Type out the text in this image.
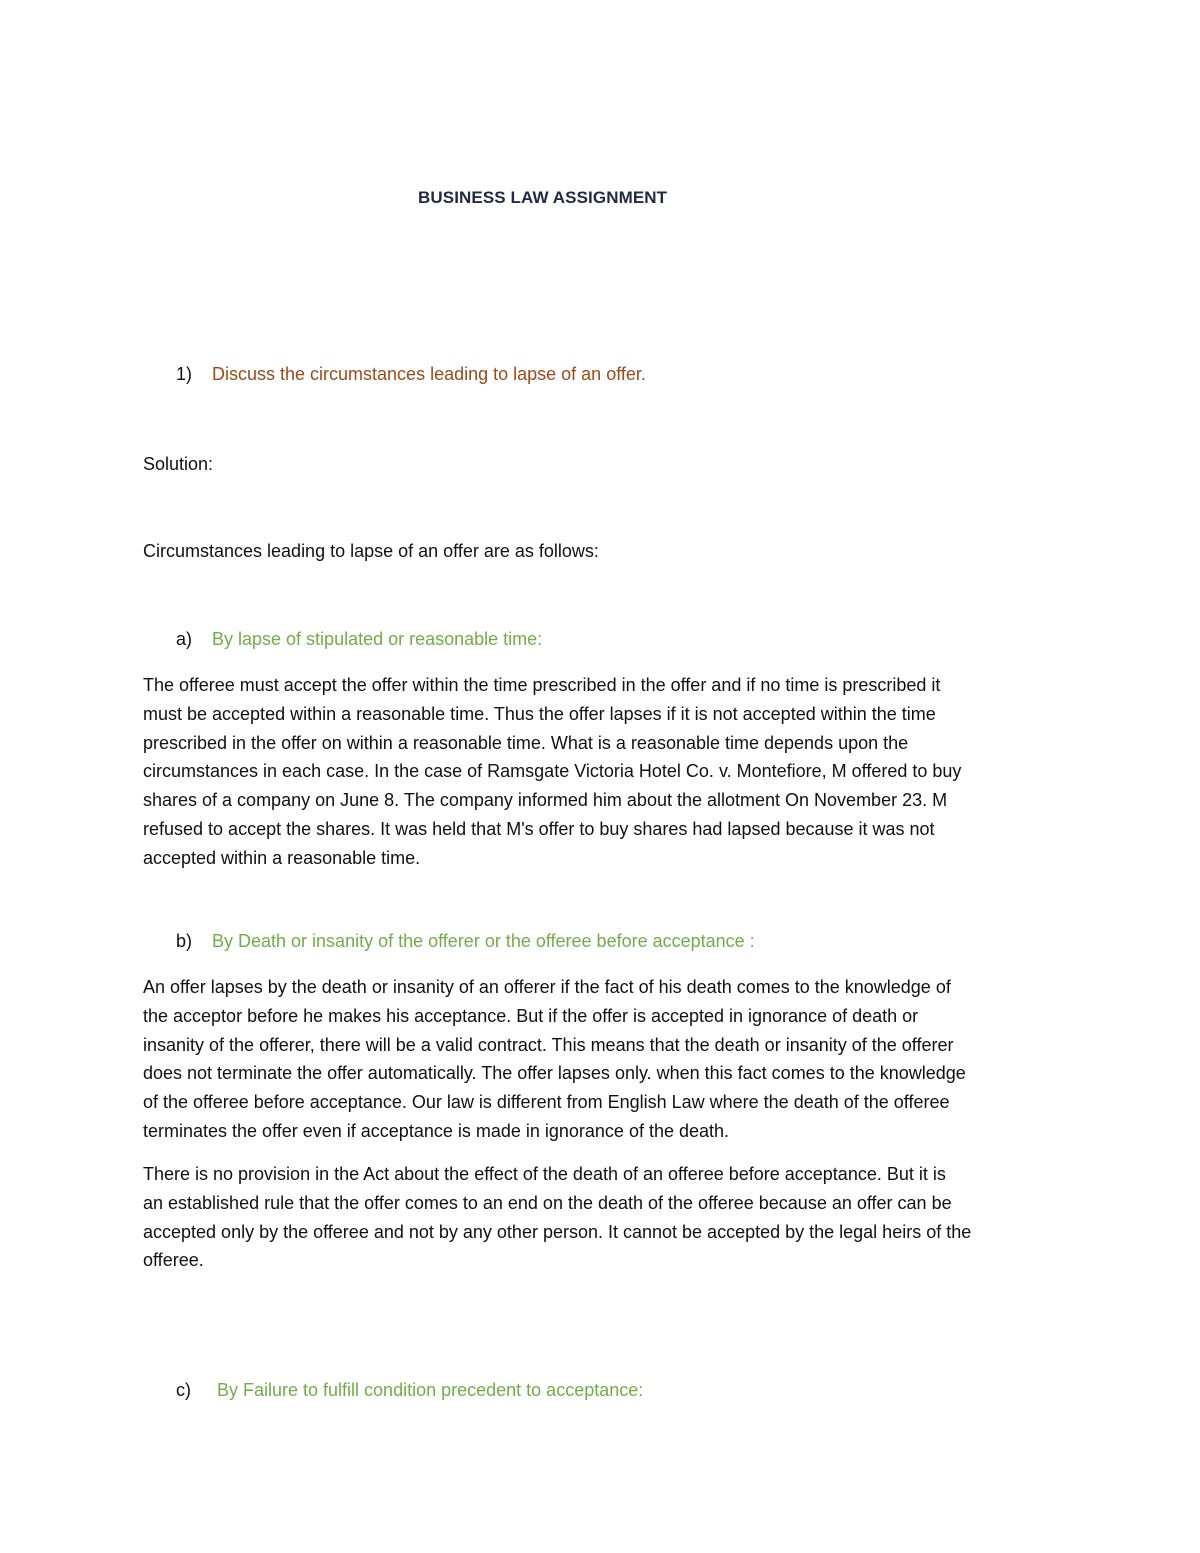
BUSINESS LAW ASSIGNMENT
1) Discuss the circumstances leading to lapse of an offer.
Solution:
Circumstances leading to lapse of an offer are as follows:
a) By lapse of stipulated or reasonable time:

The offeree must accept the offer within the time prescribed in the offer and if no time is prescribed it
must be accepted within a reasonable time. Thus the offer lapses if it is not accepted within the time
prescribed in the offer on within a reasonable time. What is a reasonable time depends upon the
circumstances in each case. In the case of Ramsgate Victoria Hotel Co. v. Montefiore, M offered to buy
shares of a company on June 8. The company informed him about the allotment On November 23. M
refused to accept the shares. It was held that M's offer to buy shares had lapsed because it was not
accepted within a reasonable time.

b) By Death or insanity of the offerer or the offeree before acceptance :

An offer lapses by the death or insanity of an offerer if the fact of his death comes to the knowledge of
the acceptor before he makes his acceptance. But if the offer is accepted in ignorance of death or
insanity of the offerer, there will be a valid contract. This means that the death or insanity of the offerer
does not terminate the offer automatically. The offer lapses only. when this fact comes to the knowledge
of the offeree before acceptance. Our law is different from English Law where the death of the offeree
terminates the offer even if acceptance is made in ignorance of the death.

There is no provision in the Act about the effect of the death of an offeree before acceptance. But it is
an established rule that the offer comes to an end on the death of the offeree because an offer can be
accepted only by the offeree and not by any other person. It cannot be accepted by the legal heirs of the
offeree.

c) By Failure to fulfill condition precedent to acceptance:
